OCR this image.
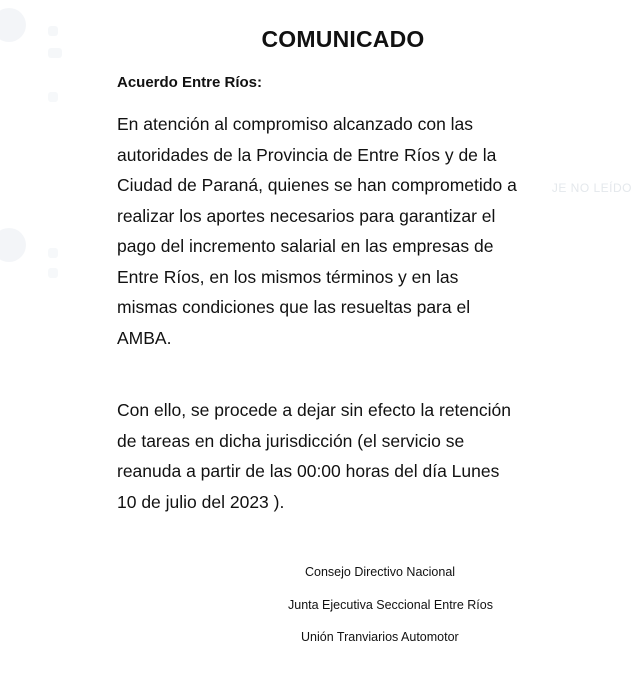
JE NO LEÍDO
COMUNICADO
Acuerdo Entre Ríos:
En atención al compromiso alcanzado con las autoridades de la Provincia de Entre Ríos y de la Ciudad de Paraná, quienes se han comprometido a realizar los aportes necesarios para garantizar el pago del incremento salarial en las empresas de Entre Ríos, en los mismos términos y en las mismas condiciones que las resueltas para el AMBA.
Con ello, se procede a dejar sin efecto la retención de tareas en dicha jurisdicción (el servicio se reanuda a partir de las 00:00 horas del día Lunes 10 de julio del 2023 ).
Consejo Directivo Nacional
Junta Ejecutiva Seccional Entre Ríos
Unión Tranviarios Automotor
